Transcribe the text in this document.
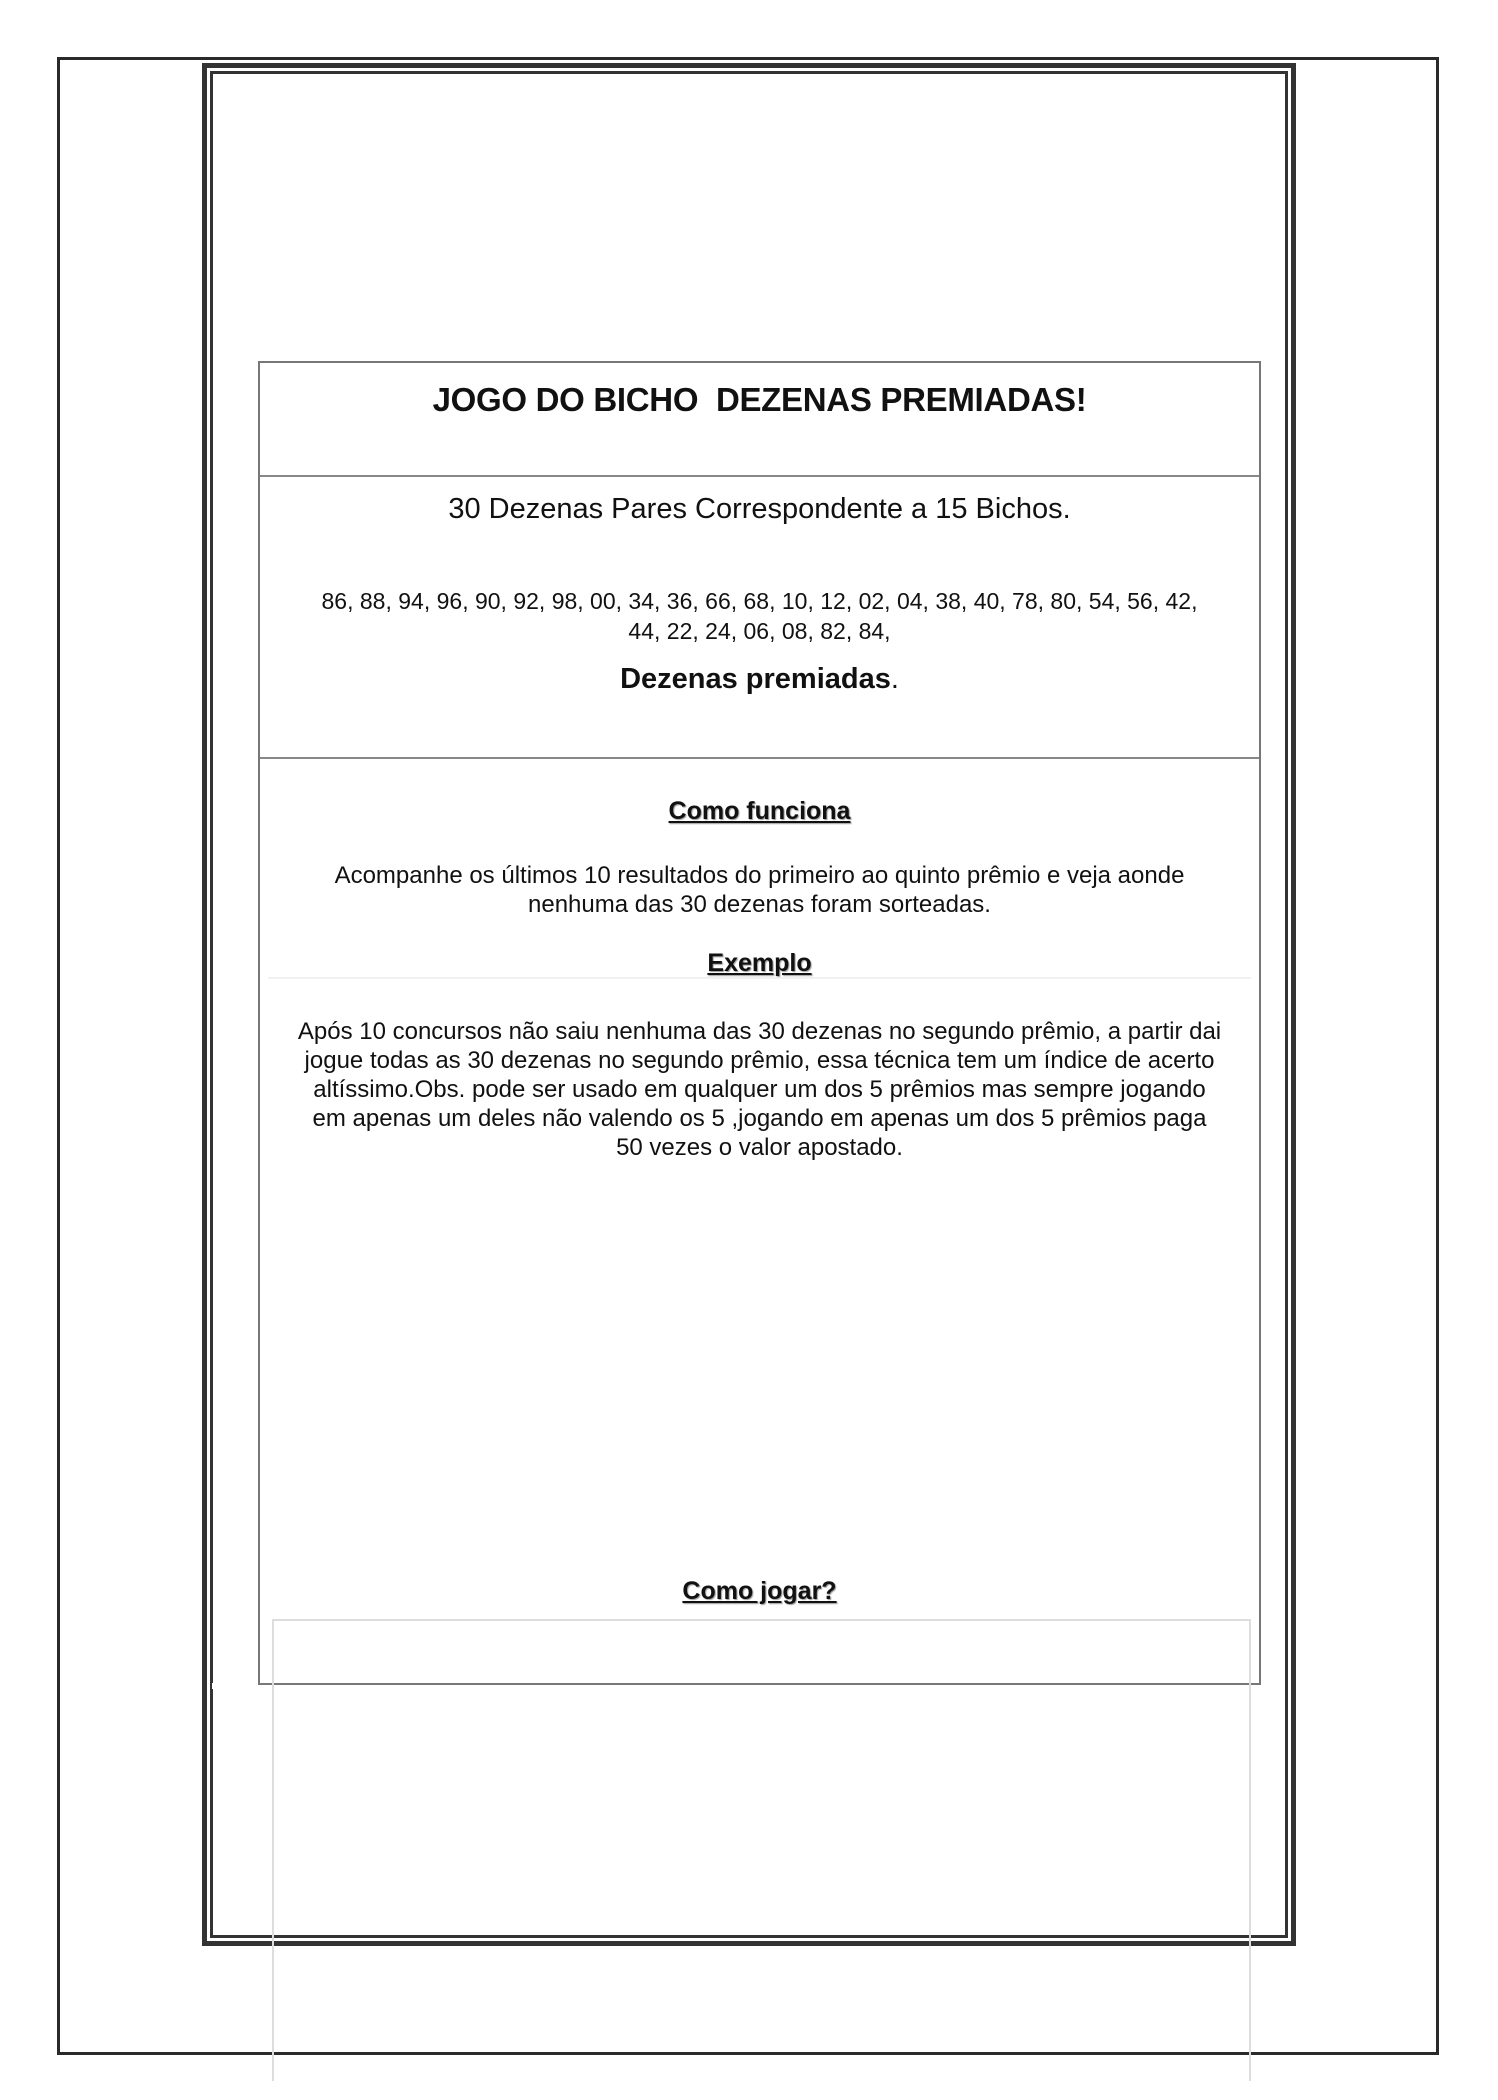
JOGO DO BICHO  DEZENAS PREMIADAS!
30 Dezenas Pares Correspondente a 15 Bichos.
86, 88, 94, 96, 90, 92, 98, 00, 34, 36, 66, 68, 10, 12, 02, 04, 38, 40, 78, 80, 54, 56, 42,
44, 22, 24, 06, 08, 82, 84,
Dezenas premiadas.
Como funciona
Acompanhe os últimos 10 resultados do primeiro ao quinto prêmio e veja aonde
nenhuma das 30 dezenas foram sorteadas.
Exemplo
Após 10 concursos não saiu nenhuma das 30 dezenas no segundo prêmio, a partir dai
jogue todas as 30 dezenas no segundo prêmio, essa técnica tem um índice de acerto
altíssimo.Obs. pode ser usado em qualquer um dos 5 prêmios mas sempre jogando
em apenas um deles não valendo os 5 ,jogando em apenas um dos 5 prêmios paga
50 vezes o valor apostado.
Como jogar?
